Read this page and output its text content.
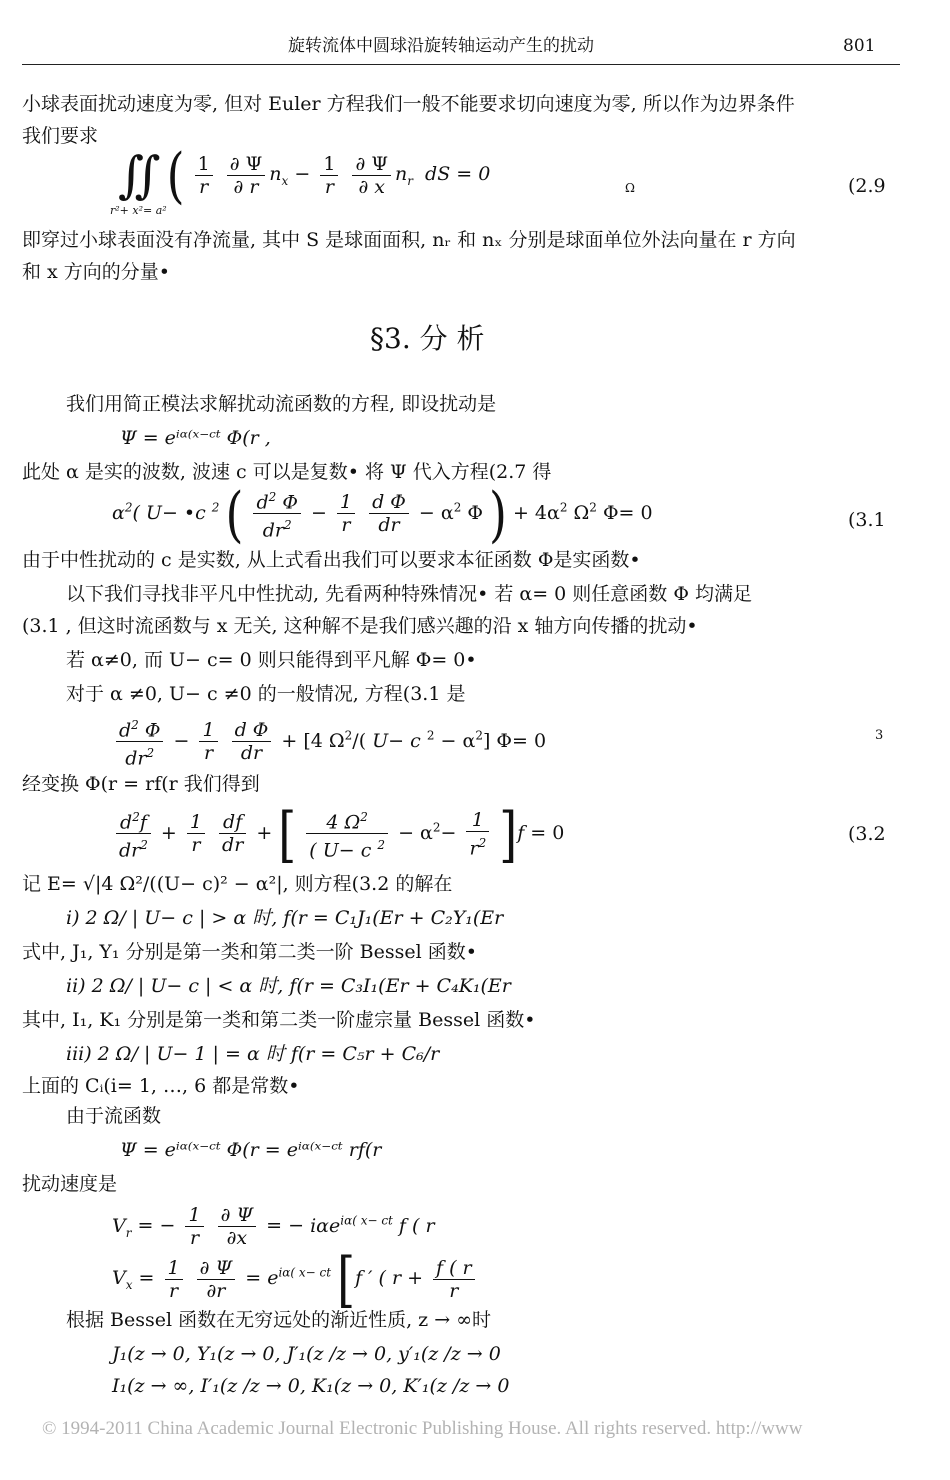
旋转流体中圆球沿旋转轴运动产生的扰动	801
小球表面扰动速度为零, 但对 Euler 方程我们一般不能要求切向速度为零, 所以作为边界条件
我们要求
∬ ( $\frac{1}{r}$
$\frac{\partial \Psi}{\partial r} n_x - \frac{1}{r}$
$\frac{\partial \Psi}{\partial x} n_r$ dS = 0
r²+ x²= a²
Ω	(2.9
即穿过小球表面没有净流量, 其中 S 是球面面积, nᵣ 和 nₓ 分别是球面单位外法向量在 r 方向
和 x 方向的分量•
§3. 分 析
我们用简正模法求解扰动流函数的方程, 即设扰动是
Ψ = eⁱᵅ⁽ˣ⁻ᶜᵗ Φ(r ,
此处 α 是实的波数, 波速 c 可以是复数• 将 Ψ 代入方程(2.7 得
$\alpha^2$( U− •c $^2$ ( $\frac{d^2 \Phi}{dr^2} - \frac{1}{r}$
$\frac{\text{d Φ}}{dr} - \alpha^2$ Φ ) + $4\alpha^2$ $\Omega^2$ Φ= 0	(3.1
由于中性扰动的 c 是实数, 从上式看出我们可以要求本征函数 Φ是实函数•
以下我们寻找非平凡中性扰动, 先看两种特殊情况• 若 α= 0 则任意函数 Φ 均满足
(3.1 , 但这时流函数与 x 无关, 这种解不是我们感兴趣的沿 x 轴方向传播的扰动•
若 α≠0, 而 U− c= 0 则只能得到平凡解 Φ= 0•
对于 α ≠0, U− c ≠0 的一般情况, 方程(3.1 是
$\frac{d^2 \Phi}{dr^2} - \frac{1}{r}$
$\frac{\text{d Φ}}{dr} + [4$ $\Omega^2/$( U− c $^2 - \alpha^2$] Φ= 0	3
经变换 Φ(r = rf(r 我们得到
$\frac{d^2f}{dr^2} + \frac{1}{r}$
$\frac{df}{dr}$ + [ $\frac{4 \Omega^2}{( U- c ^2} - \alpha^2- \frac{1}{r^2} ]f = 0$	(3.2
记 E= √|4 Ω²/((U− c)² − α²|, 则方程(3.2 的解在
i) 2 Ω/ | U− c | > α 时, f(r = C₁J₁(Er + C₂Y₁(Er
式中, J₁, Y₁ 分别是第一类和第二类一阶 Bessel 函数•
ii) 2 Ω/ | U− c | < α 时, f(r = C₃I₁(Er + C₄K₁(Er
其中, I₁, K₁ 分别是第一类和第二类一阶虚宗量 Bessel 函数•
iii) 2 Ω/ | U− 1 | = α 时 f(r = C₅r + C₆/r
上面的 Cᵢ(i= 1, …, 6 都是常数•
由于流函数
Ψ = eⁱᵅ⁽ˣ⁻ᶜᵗ Φ(r = eⁱᵅ⁽ˣ⁻ᶜᵗ rf(r
扰动速度是
$V_r$ = − $\frac{1}{r}$
$\frac{\partial \Psi}{\partial x}$ = − iαe$^{i\alpha( x- ct}$ f ( r
$V_x = \frac{1}{r}$
$\frac{\partial \Psi}{\partial r} = e^{i\alpha( x- ct}$ [f ′ ( $r + \frac{f ( r}{r}$
根据 Bessel 函数在无穷远处的渐近性质, z → ∞时
J₁(z → 0, Y₁(z → 0, J′₁(z /z → 0, y′₁(z /z → 0
I₁(z → ∞, I′₁(z /z → 0, K₁(z → 0, K′₁(z /z → 0
© 1994-2011 China Academic Journal Electronic Publishing House. All rights reserved. http://www
